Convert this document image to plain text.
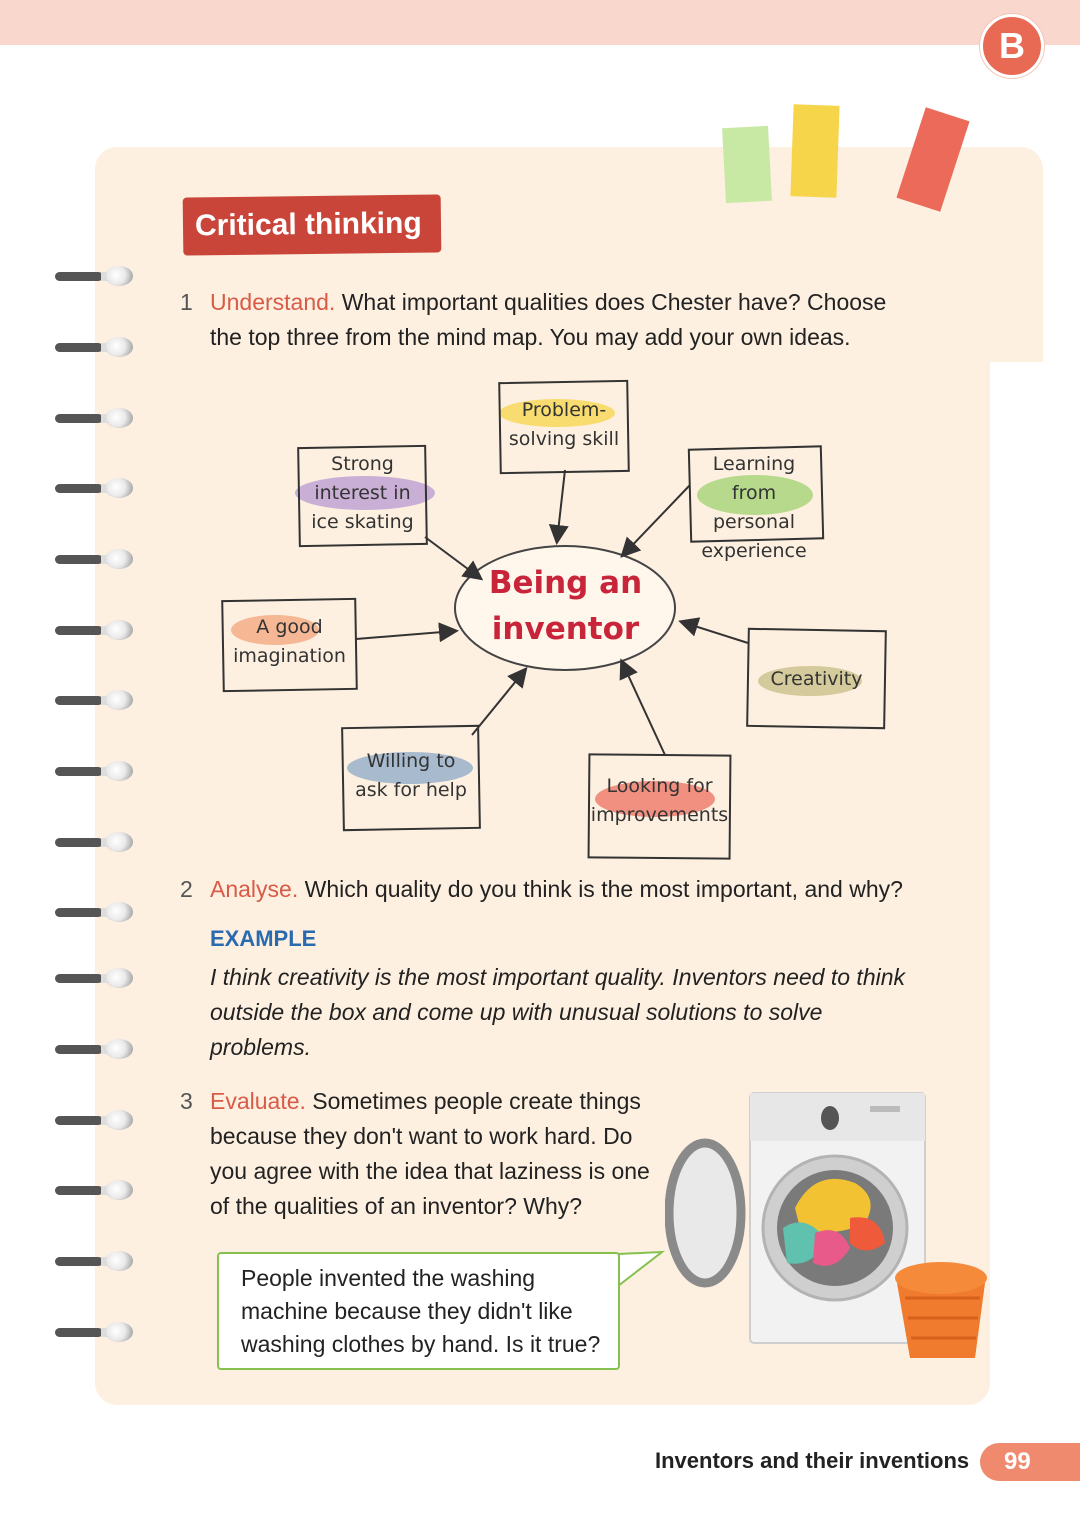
B
Critical thinking
1 Understand. What important qualities does Chester have? Choose the top three from the mind map. You may add your own ideas.
Problem-
solving skill
Strong
interest in
ice skating
Learning from
personal
experience
A good
imagination
Creativity
Willing to
ask for help	Looking for
improvements
Being an
inventor
2 Analyse. Which quality do you think is the most important, and why?
EXAMPLE
I think creativity is the most important quality. Inventors need to think outside the box and come up with unusual solutions to solve problems.
3 Evaluate. Sometimes people create things because they don't want to work hard. Do you agree with the idea that laziness is one of the qualities of an inventor? Why?
People invented the washing machine because they didn't like washing clothes by hand. Is it true?
Inventors and their inventions	99
